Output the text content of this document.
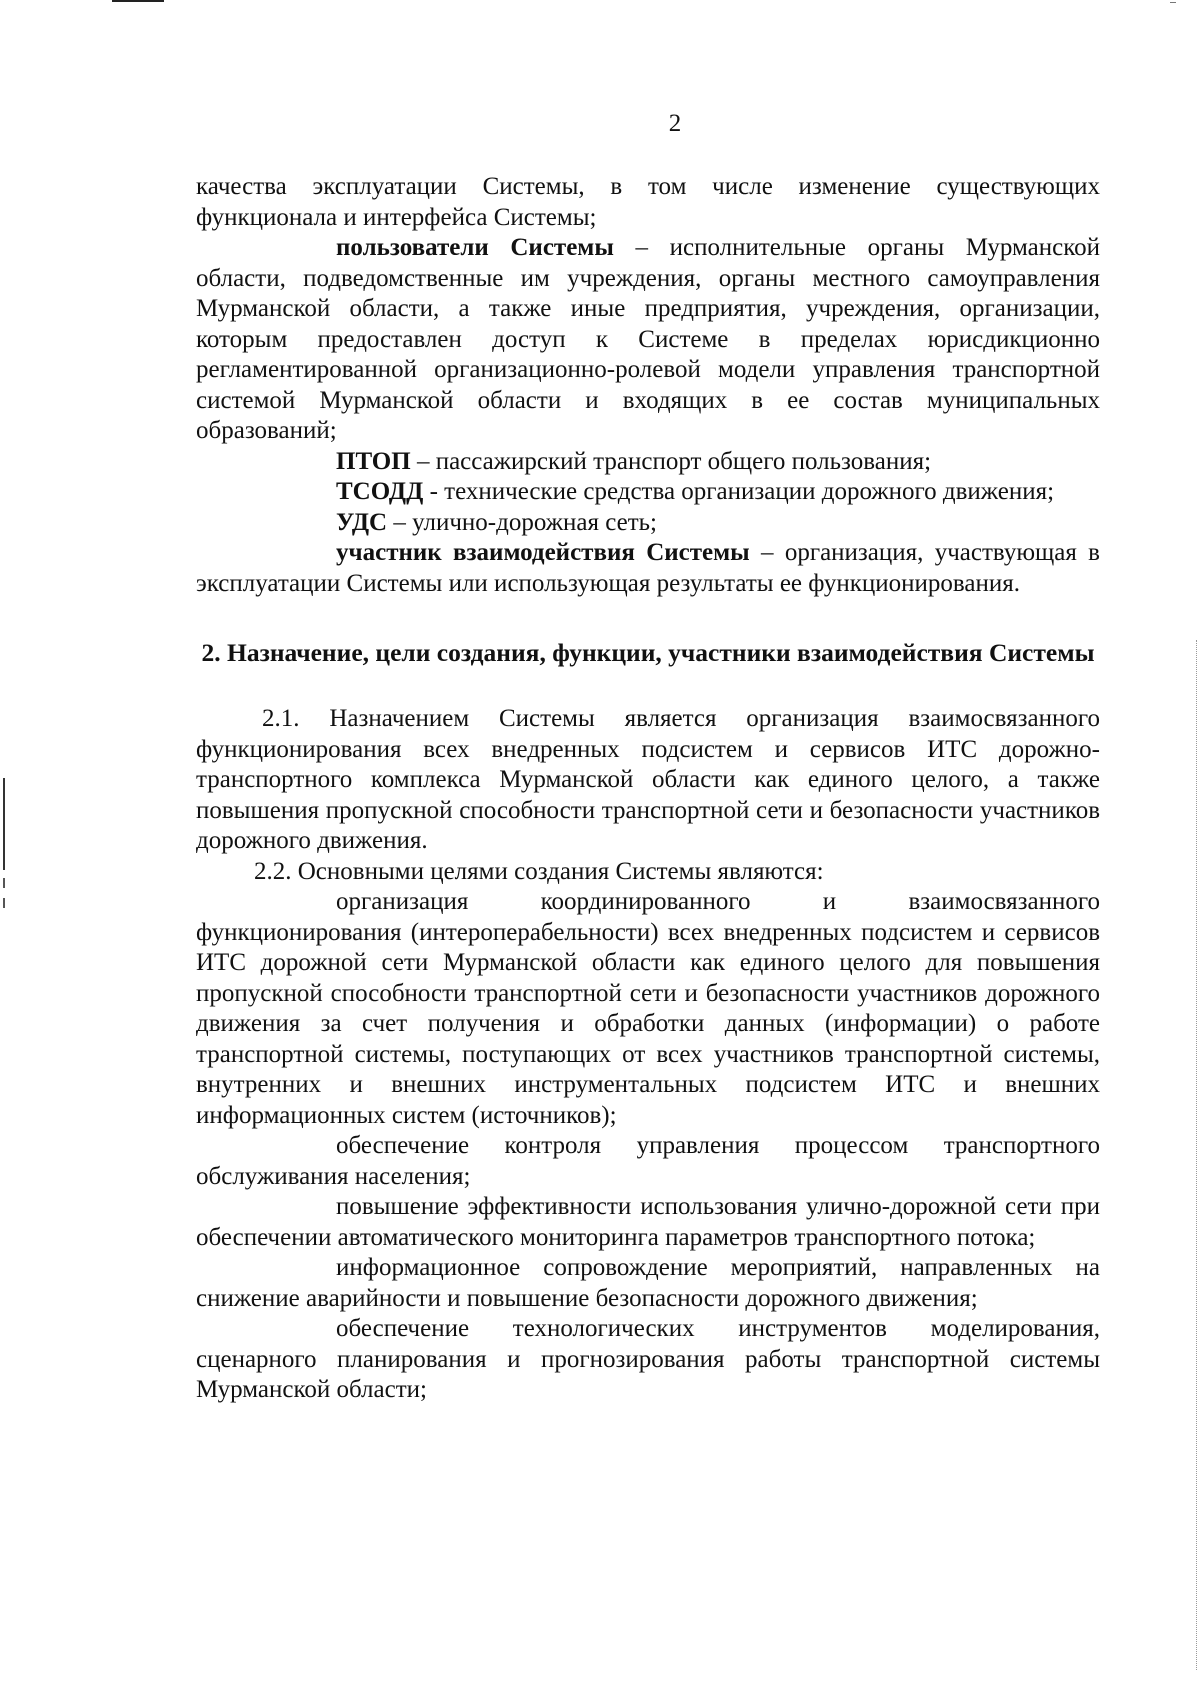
2

качества эксплуатации Системы, в том числе изменение существующих функционала и интерфейса Системы;

пользователи Системы – исполнительные органы Мурманской области, подведомственные им учреждения, органы местного самоуправления Мурманской области, а также иные предприятия, учреждения, организации, которым предоставлен доступ к Системе в пределах юрисдикционно регламентированной организационно-ролевой модели управления транспортной системой Мурманской области и входящих в ее состав муниципальных образований;

ПТОП – пассажирский транспорт общего пользования;

ТСОДД - технические средства организации дорожного движения;

УДС – улично-дорожная сеть;

участник взаимодействия Системы – организация, участвующая в эксплуатации Системы или использующая результаты ее функционирования.

2. Назначение, цели создания, функции, участники взаимодействия Системы

2.1. Назначением Системы является организация взаимосвязанного функционирования всех внедренных подсистем и сервисов ИТС дорожно-транспортного комплекса Мурманской области как единого целого, а также повышения пропускной способности транспортной сети и безопасности участников дорожного движения.

2.2. Основными целями создания Системы являются:

организация координированного и взаимосвязанного функционирования (интероперабельности) всех внедренных подсистем и сервисов ИТС дорожной сети Мурманской области как единого целого для повышения пропускной способности транспортной сети и безопасности участников дорожного движения за счет получения и обработки данных (информации) о работе транспортной системы, поступающих от всех участников транспортной системы, внутренних и внешних инструментальных подсистем ИТС и внешних информационных систем (источников);

обеспечение контроля управления процессом транспортного обслуживания населения;

повышение эффективности использования улично-дорожной сети при обеспечении автоматического мониторинга параметров транспортного потока;

информационное сопровождение мероприятий, направленных на снижение аварийности и повышение безопасности дорожного движения;

обеспечение технологических инструментов моделирования, сценарного планирования и прогнозирования работы транспортной системы Мурманской области;
